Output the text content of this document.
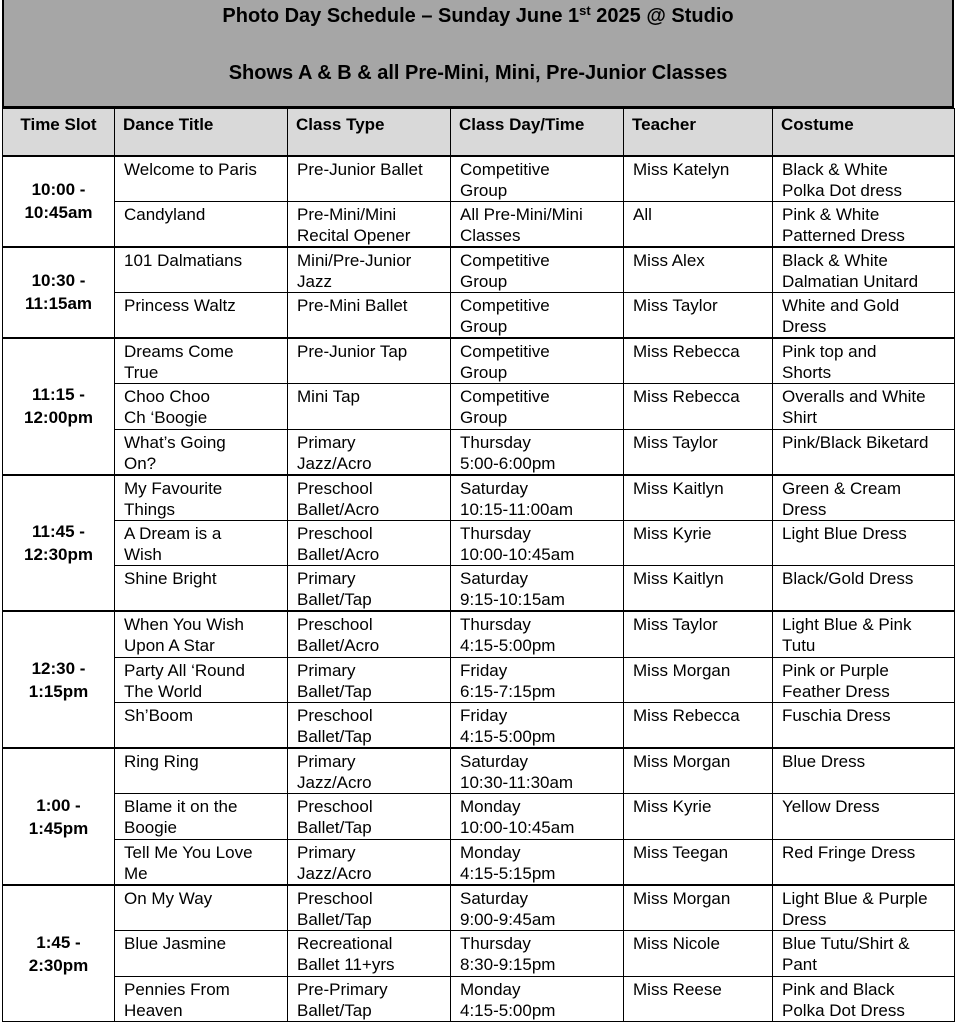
Photo Day Schedule – Sunday June 1st 2025 @ Studio
Shows A & B & all Pre-Mini, Mini, Pre-Junior Classes
Time Slot	Dance Title	Class Type	Class Day/Time	Teacher	Costume

10:00 -
10:45am	Welcome to Paris	Pre-Junior Ballet	Competitive
Group	Miss Katelyn	Black & White
Polka Dot dress

	Candyland	Pre-Mini/Mini
Recital Opener	All Pre-Mini/Mini
Classes	All	Pink & White
Patterned Dress

10:30 -
11:15am	101 Dalmatians	Mini/Pre-Junior
Jazz	Competitive
Group	Miss Alex	Black & White
Dalmatian Unitard

	Princess Waltz	Pre-Mini Ballet	Competitive
Group	Miss Taylor	White and Gold
Dress

11:15 -
12:00pm	Dreams Come
True	Pre-Junior Tap	Competitive
Group	Miss Rebecca	Pink top and
Shorts

	Choo Choo
Ch ‘Boogie	Mini Tap	Competitive
Group	Miss Rebecca	Overalls and White
Shirt

	What’s Going
On?	Primary
Jazz/Acro	Thursday
5:00-6:00pm	Miss Taylor	Pink/Black Biketard

11:45 -
12:30pm	My Favourite
Things	Preschool
Ballet/Acro	Saturday
10:15-11:00am	Miss Kaitlyn	Green & Cream
Dress

	A Dream is a
Wish	Preschool
Ballet/Acro	Thursday
10:00-10:45am	Miss Kyrie	Light Blue Dress

	Shine Bright	Primary
Ballet/Tap	Saturday
9:15-10:15am	Miss Kaitlyn	Black/Gold Dress

12:30 -
1:15pm	When You Wish
Upon A Star	Preschool
Ballet/Acro	Thursday
4:15-5:00pm	Miss Taylor	Light Blue & Pink
Tutu

	Party All ‘Round
The World	Primary
Ballet/Tap	Friday
6:15-7:15pm	Miss Morgan	Pink or Purple
Feather Dress

	Sh’Boom	Preschool
Ballet/Tap	Friday
4:15-5:00pm	Miss Rebecca	Fuschia Dress

1:00 -
1:45pm	Ring Ring	Primary
Jazz/Acro	Saturday
10:30-11:30am	Miss Morgan	Blue Dress

	Blame it on the
Boogie	Preschool
Ballet/Tap	Monday
10:00-10:45am	Miss Kyrie	Yellow Dress

	Tell Me You Love
Me	Primary
Jazz/Acro	Monday
4:15-5:15pm	Miss Teegan	Red Fringe Dress

1:45 -
2:30pm	On My Way	Preschool
Ballet/Tap	Saturday
9:00-9:45am	Miss Morgan	Light Blue & Purple
Dress

	Blue Jasmine	Recreational
Ballet 11+yrs	Thursday
8:30-9:15pm	Miss Nicole	Blue Tutu/Shirt &
Pant

	Pennies From
Heaven	Pre-Primary
Ballet/Tap	Monday
4:15-5:00pm	Miss Reese	Pink and Black
Polka Dot Dress
